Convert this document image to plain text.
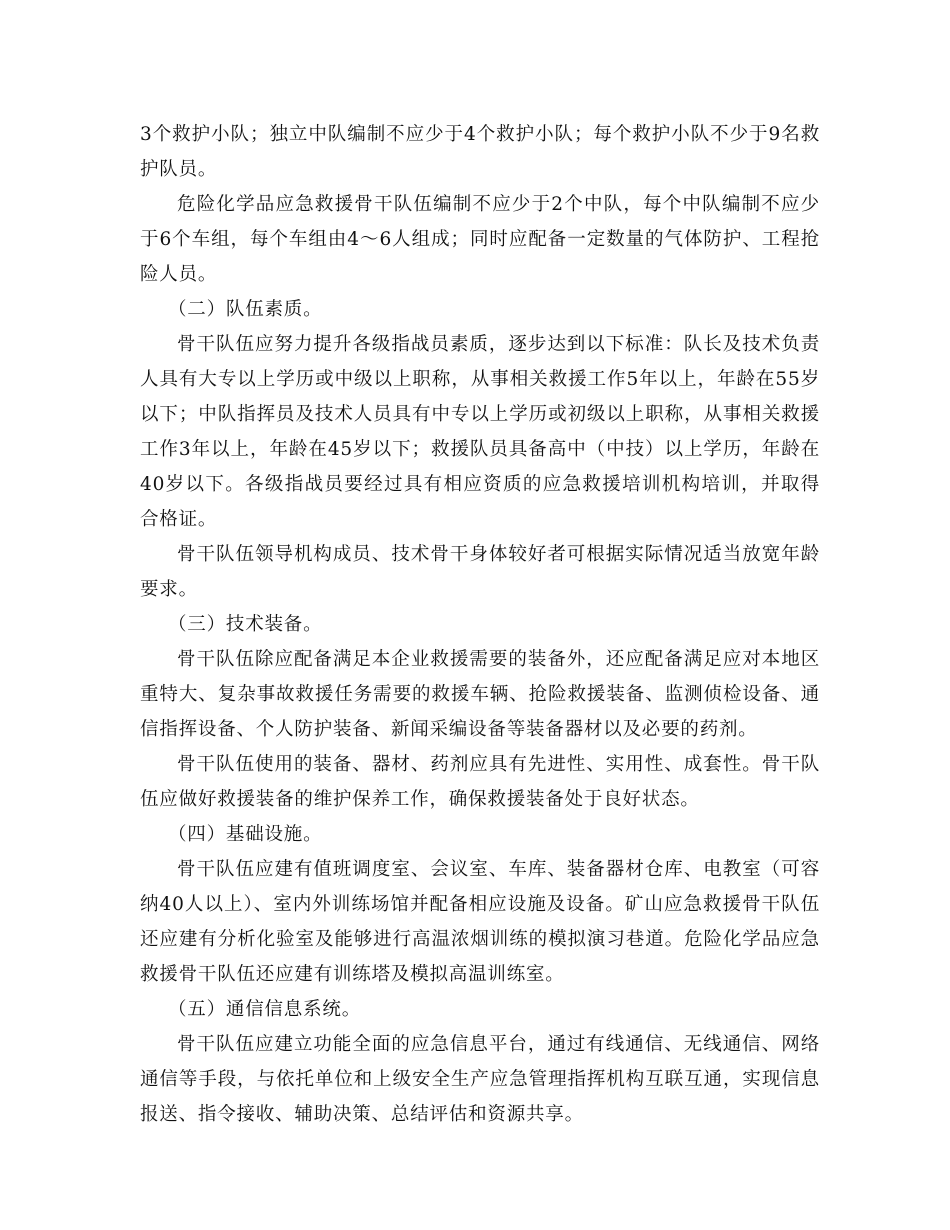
3个救护小队；独立中队编制不应少于4个救护小队；每个救护小队不少于9名救护队员。

危险化学品应急救援骨干队伍编制不应少于2个中队，每个中队编制不应少于6个车组，每个车组由4～6人组成；同时应配备一定数量的气体防护、工程抢险人员。

（二）队伍素质。

骨干队伍应努力提升各级指战员素质，逐步达到以下标准：队长及技术负责人具有大专以上学历或中级以上职称，从事相关救援工作5年以上，年龄在55岁以下；中队指挥员及技术人员具有中专以上学历或初级以上职称，从事相关救援工作3年以上，年龄在45岁以下；救援队员具备高中（中技）以上学历，年龄在40岁以下。各级指战员要经过具有相应资质的应急救援培训机构培训，并取得合格证。

骨干队伍领导机构成员、技术骨干身体较好者可根据实际情况适当放宽年龄要求。

（三）技术装备。

骨干队伍除应配备满足本企业救援需要的装备外，还应配备满足应对本地区重特大、复杂事故救援任务需要的救援车辆、抢险救援装备、监测侦检设备、通信指挥设备、个人防护装备、新闻采编设备等装备器材以及必要的药剂。

骨干队伍使用的装备、器材、药剂应具有先进性、实用性、成套性。骨干队伍应做好救援装备的维护保养工作，确保救援装备处于良好状态。

（四）基础设施。

骨干队伍应建有值班调度室、会议室、车库、装备器材仓库、电教室（可容纳40人以上）、室内外训练场馆并配备相应设施及设备。矿山应急救援骨干队伍还应建有分析化验室及能够进行高温浓烟训练的模拟演习巷道。危险化学品应急救援骨干队伍还应建有训练塔及模拟高温训练室。

（五）通信信息系统。

骨干队伍应建立功能全面的应急信息平台，通过有线通信、无线通信、网络通信等手段，与依托单位和上级安全生产应急管理指挥机构互联互通，实现信息报送、指令接收、辅助决策、总结评估和资源共享。
